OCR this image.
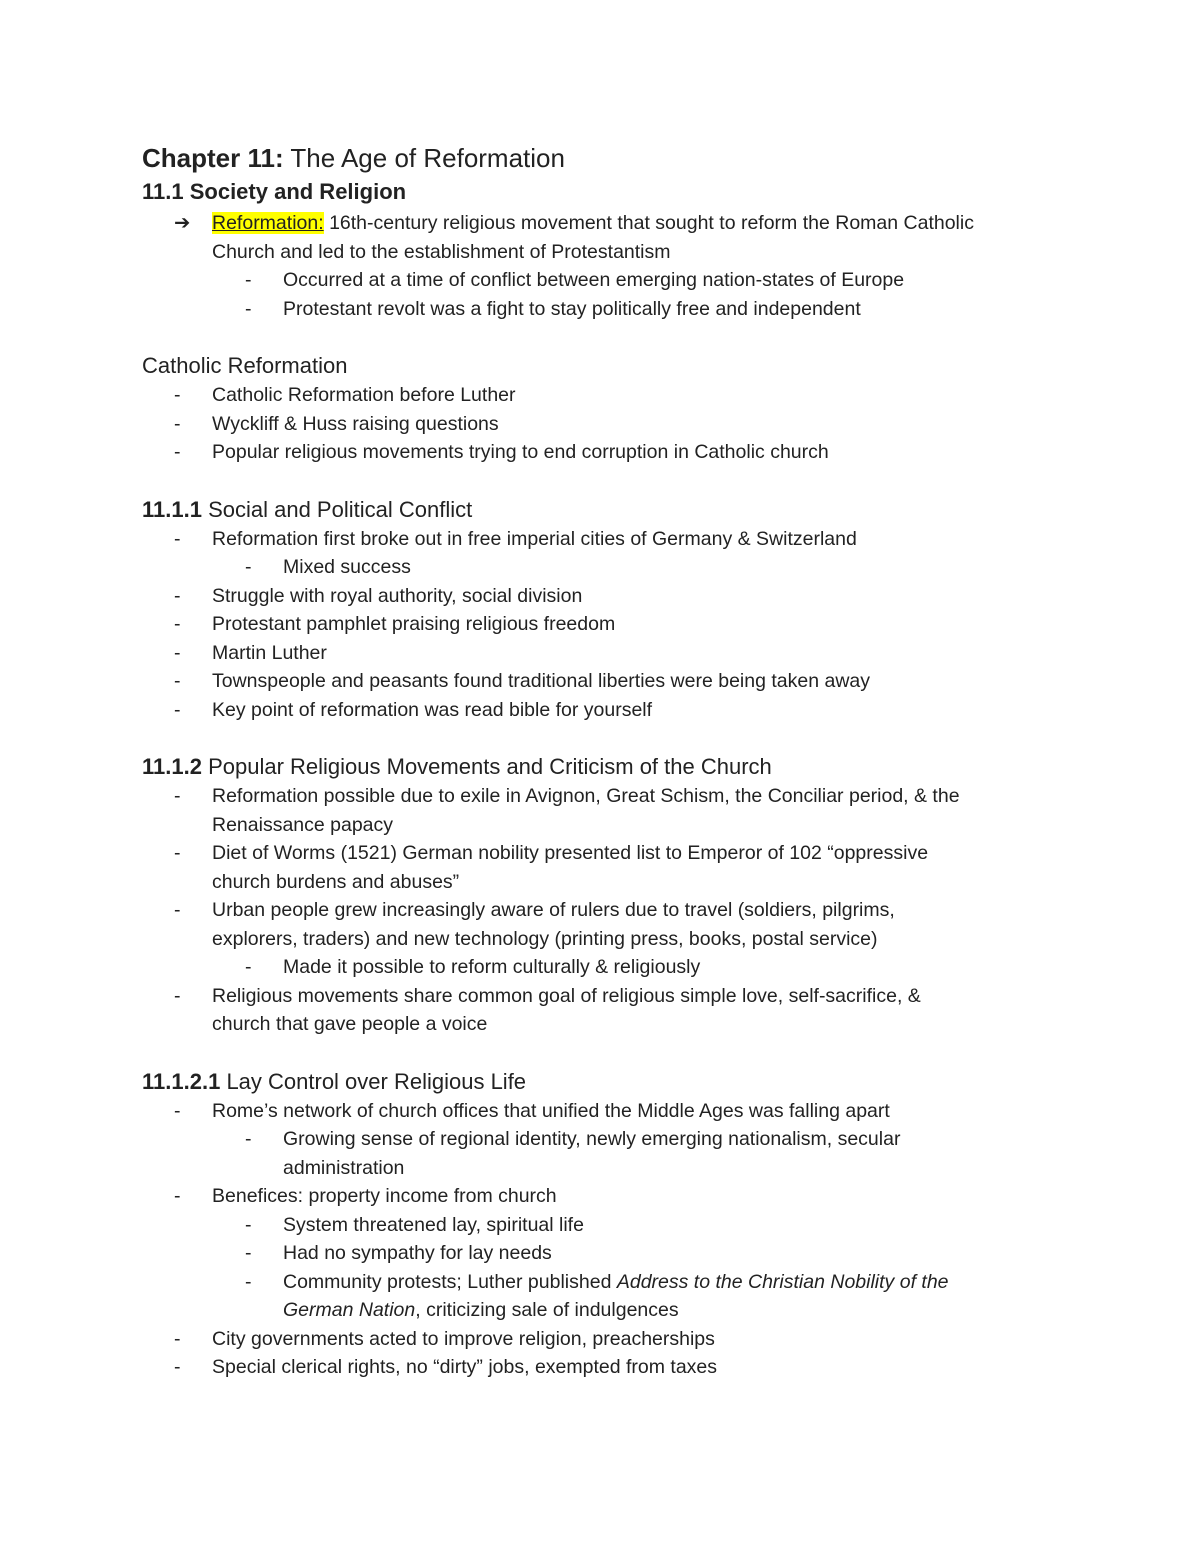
Chapter 11: The Age of Reformation
11.1 Society and Religion
➔ Reformation: 16th-century religious movement that sought to reform the Roman Catholic
Church and led to the establishment of Protestantism
-	Occurred at a time of conflict between emerging nation-states of Europe
-	Protestant revolt was a fight to stay politically free and independent
Catholic Reformation
-	Catholic Reformation before Luther
-	Wyckliff & Huss raising questions
-	Popular religious movements trying to end corruption in Catholic church
11.1.1 Social and Political Conflict
-	Reformation first broke out in free imperial cities of Germany & Switzerland
-	Mixed success
-	Struggle with royal authority, social division
-	Protestant pamphlet praising religious freedom
-	Martin Luther
-	Townspeople and peasants found traditional liberties were being taken away
-	Key point of reformation was read bible for yourself
11.1.2 Popular Religious Movements and Criticism of the Church
-	Reformation possible due to exile in Avignon, Great Schism, the Conciliar period, & the
Renaissance papacy
-	Diet of Worms (1521) German nobility presented list to Emperor of 102 “oppressive
church burdens and abuses”
-	Urban people grew increasingly aware of rulers due to travel (soldiers, pilgrims,
explorers, traders) and new technology (printing press, books, postal service)
-	Made it possible to reform culturally & religiously
-	Religious movements share common goal of religious simple love, self-sacrifice, &
church that gave people a voice
11.1.2.1 Lay Control over Religious Life
-	Rome’s network of church offices that unified the Middle Ages was falling apart
-	Growing sense of regional identity, newly emerging nationalism, secular
administration
-	Benefices: property income from church
-	System threatened lay, spiritual life
-	Had no sympathy for lay needs
-	Community protests; Luther published Address to the Christian Nobility of the
German Nation, criticizing sale of indulgences
-	City governments acted to improve religion, preacherships
-	Special clerical rights, no “dirty” jobs, exempted from taxes
